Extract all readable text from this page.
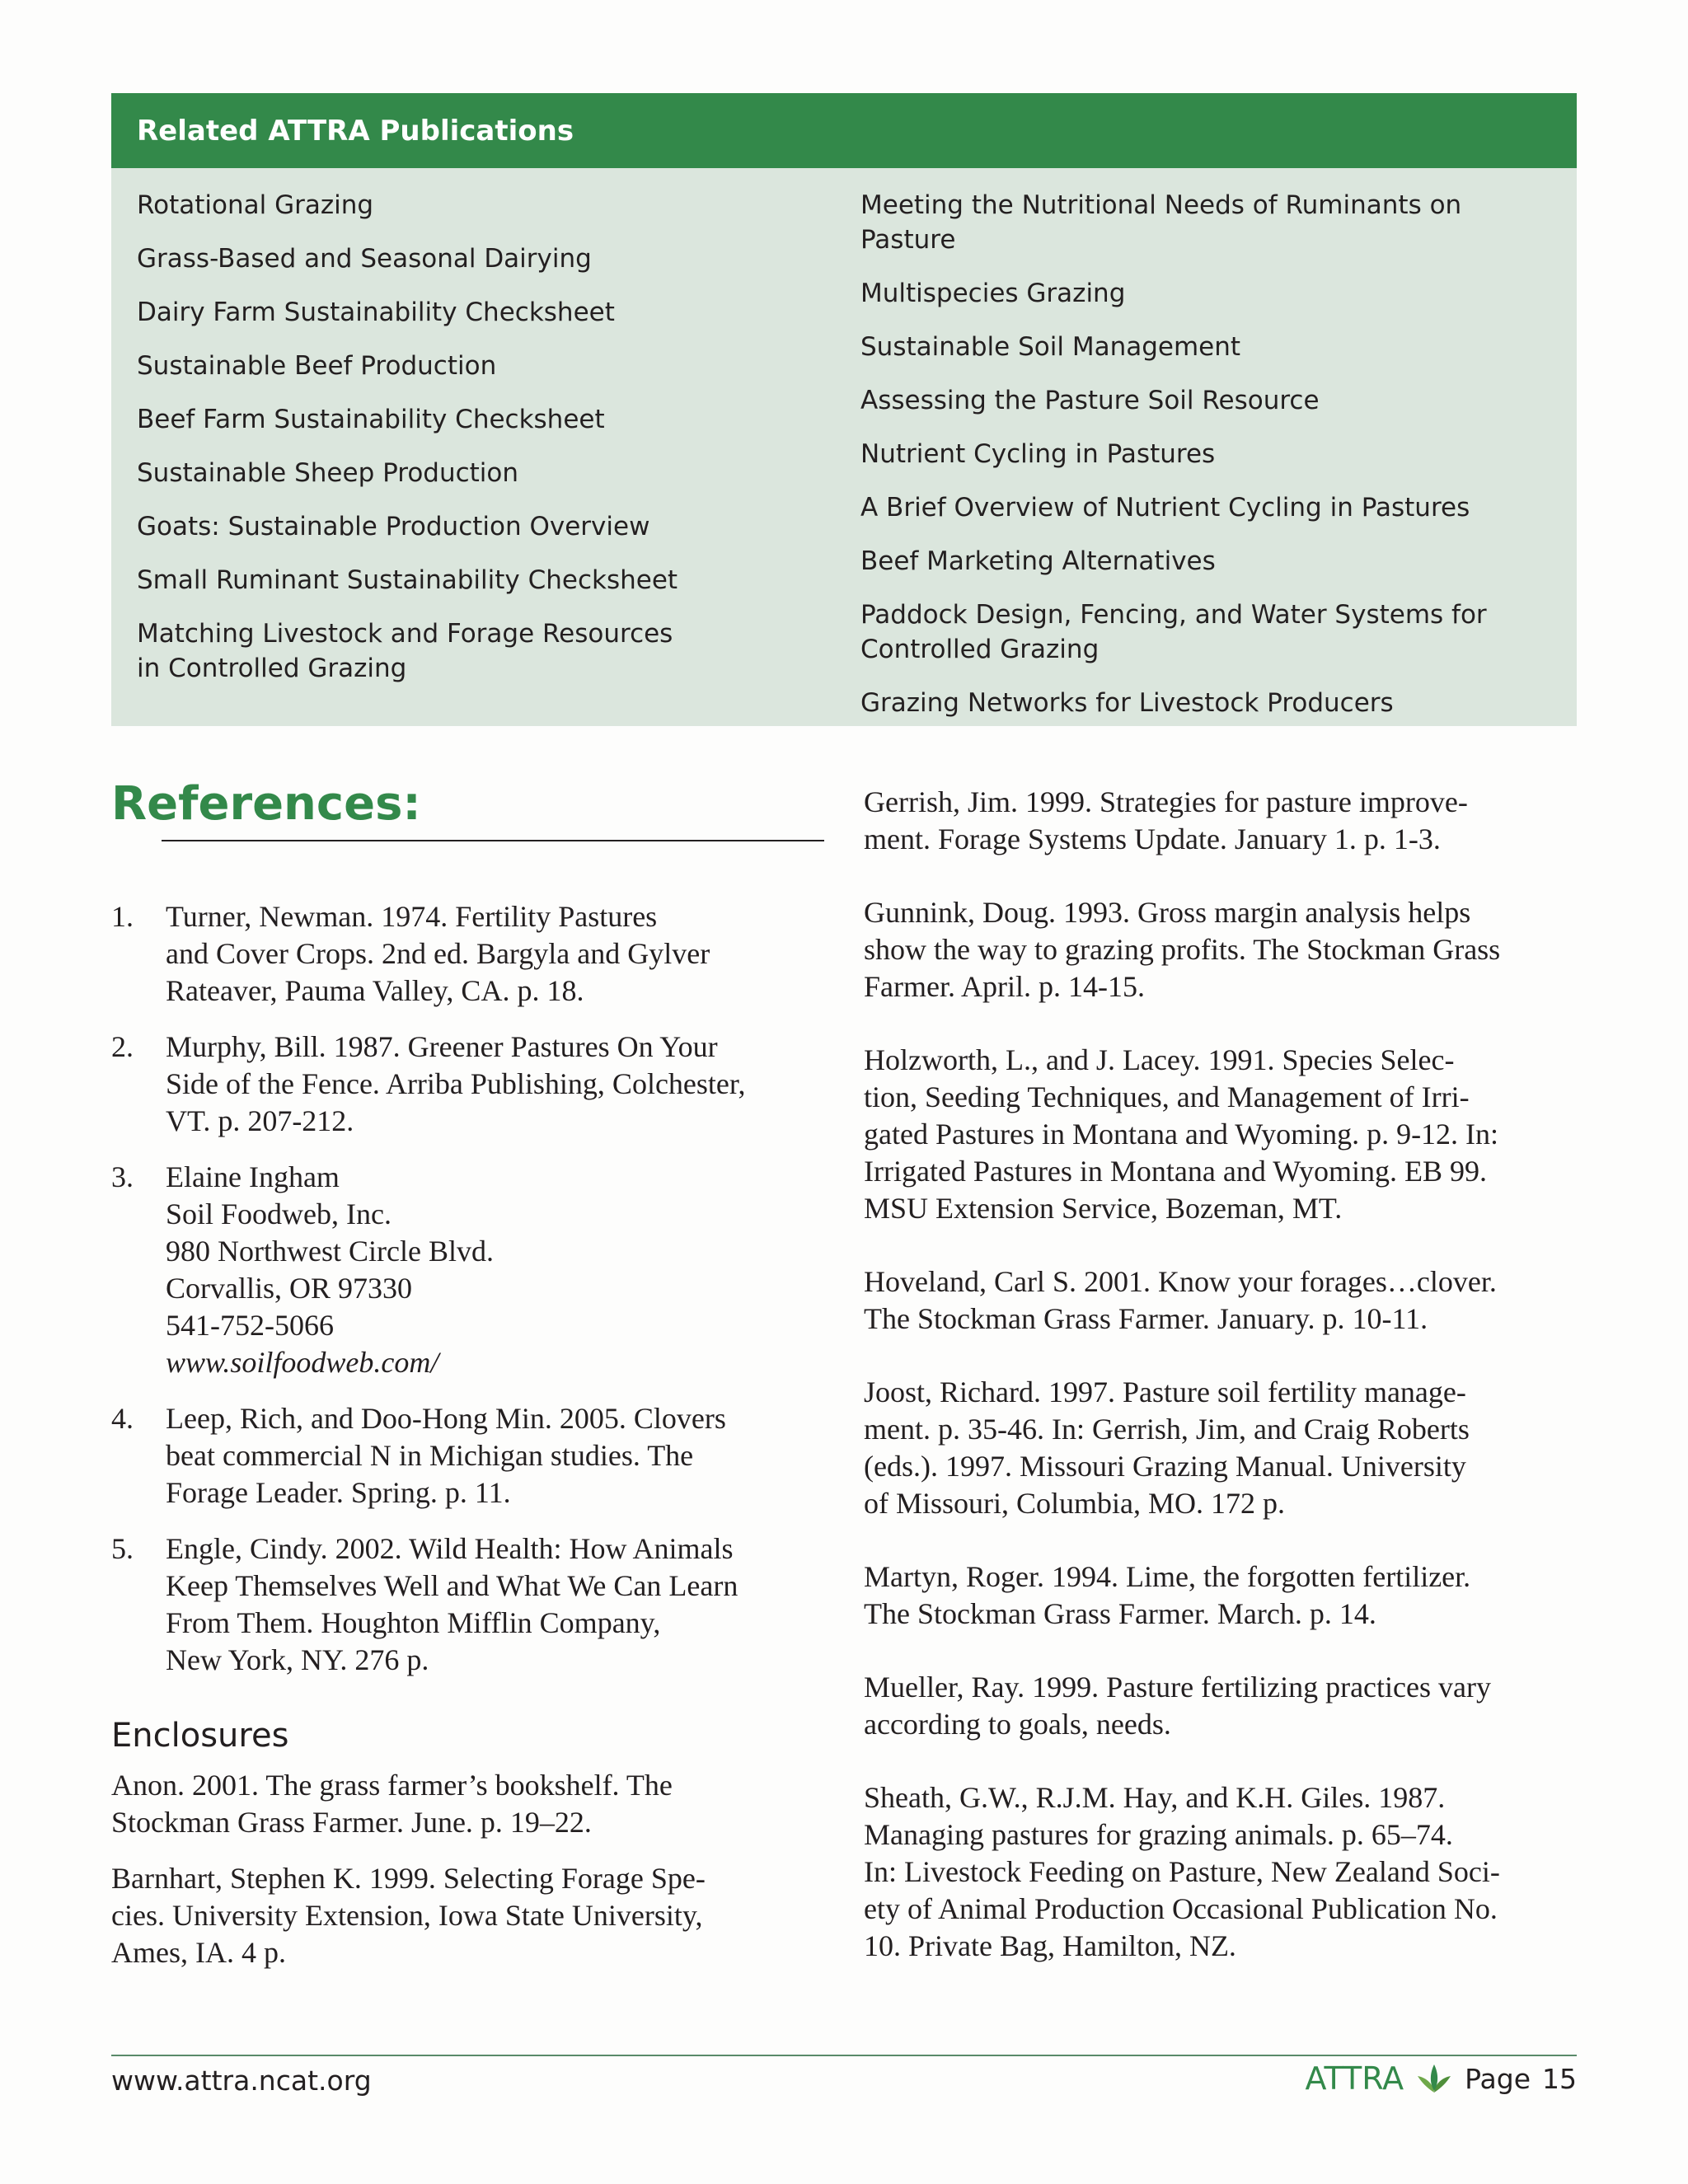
Related ATTRA Publications
Rotational Grazing
Grass-Based and Seasonal Dairying
Dairy Farm Sustainability Checksheet
Sustainable Beef Production
Beef Farm Sustainability Checksheet
Sustainable Sheep Production
Goats: Sustainable Production Overview
Small Ruminant Sustainability Checksheet
Matching Livestock and Forage Resources in Controlled Grazing
Meeting the Nutritional Needs of Ruminants on Pasture
Multispecies Grazing
Sustainable Soil Management
Assessing the Pasture Soil Resource
Nutrient Cycling in Pastures
A Brief Overview of Nutrient Cycling in Pastures
Beef Marketing Alternatives
Paddock Design, Fencing, and Water Systems for Controlled Grazing
Grazing Networks for Livestock Producers
References:
1. Turner, Newman. 1974. Fertility Pastures
and Cover Crops. 2nd ed. Bargyla and Gylver
Rateaver, Pauma Valley, CA. p. 18.
2. Murphy, Bill. 1987. Greener Pastures On Your
Side of the Fence. Arriba Publishing, Colchester,
VT. p. 207-212.
3. Elaine Ingham
Soil Foodweb, Inc.
980 Northwest Circle Blvd.
Corvallis, OR 97330
541-752-5066
www.soilfoodweb.com/
4. Leep, Rich, and Doo-Hong Min. 2005. Clovers
beat commercial N in Michigan studies. The
Forage Leader. Spring. p. 11.
5. Engle, Cindy. 2002. Wild Health: How Animals
Keep Themselves Well and What We Can Learn
From Them. Houghton Mifflin Company,
New York, NY. 276 p.
Enclosures
Anon. 2001. The grass farmer’s bookshelf. The
Stockman Grass Farmer. June. p. 19–22.
Barnhart, Stephen K. 1999. Selecting Forage Spe-
cies. University Extension, Iowa State University,
Ames, IA. 4 p.
Gerrish, Jim. 1999. Strategies for pasture improve-
ment. Forage Systems Update. January 1. p. 1-3.
Gunnink, Doug. 1993. Gross margin analysis helps
show the way to grazing profits. The Stockman Grass
Farmer. April. p. 14-15.
Holzworth, L., and J. Lacey. 1991. Species Selec-
tion, Seeding Techniques, and Management of Irri-
gated Pastures in Montana and Wyoming. p. 9-12. In:
Irrigated Pastures in Montana and Wyoming. EB 99.
MSU Extension Service, Bozeman, MT.
Hoveland, Carl S. 2001. Know your forages…clover.
The Stockman Grass Farmer. January. p. 10-11.
Joost, Richard. 1997. Pasture soil fertility manage-
ment. p. 35-46. In: Gerrish, Jim, and Craig Roberts
(eds.). 1997. Missouri Grazing Manual. University
of Missouri, Columbia, MO. 172 p.
Martyn, Roger. 1994. Lime, the forgotten fertilizer.
The Stockman Grass Farmer. March. p. 14.
Mueller, Ray. 1999. Pasture fertilizing practices vary
according to goals, needs.
Sheath, G.W., R.J.M. Hay, and K.H. Giles. 1987.
Managing pastures for grazing animals. p. 65–74.
In: Livestock Feeding on Pasture, New Zealand Soci-
ety of Animal Production Occasional Publication No.
10. Private Bag, Hamilton, NZ.
www.attra.ncat.org	ATTRA Page 15
